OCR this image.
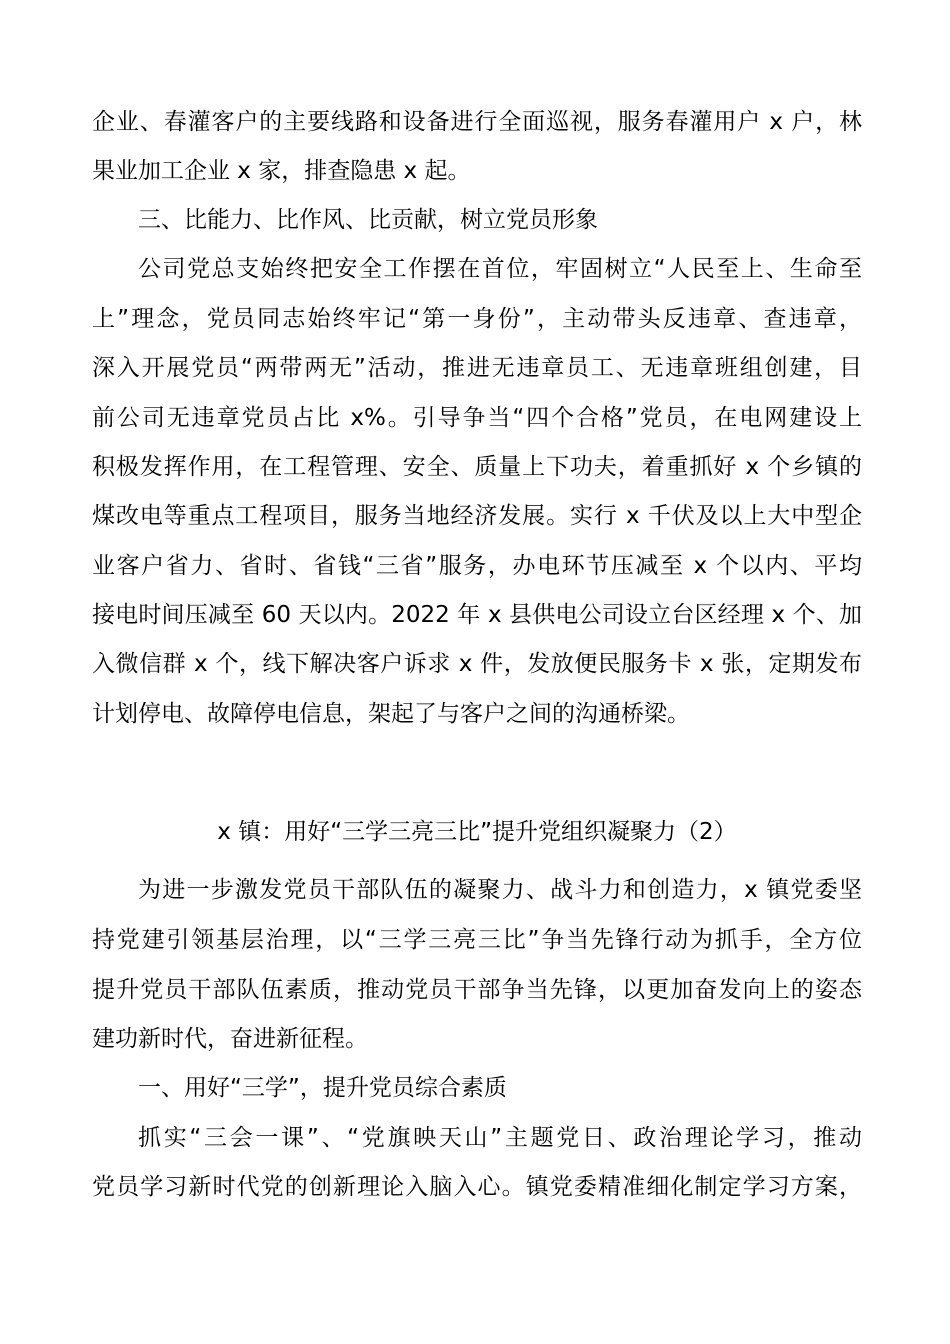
企业、春灌客户的主要线路和设备进行全面巡视，服务春灌用户 x 户，林
果业加工企业 x 家，排查隐患 x 起。
三、比能力、比作风、比贡献，树立党员形象
公司党总支始终把安全工作摆在首位，牢固树立“人民至上、生命至
上”理念，党员同志始终牢记“第一身份”，主动带头反违章、查违章，
深入开展党员“两带两无”活动，推进无违章员工、无违章班组创建，目
前公司无违章党员占比 x%。引导争当“四个合格”党员，在电网建设上
积极发挥作用，在工程管理、安全、质量上下功夫，着重抓好 x 个乡镇的
煤改电等重点工程项目，服务当地经济发展。实行 x 千伏及以上大中型企
业客户省力、省时、省钱“三省”服务，办电环节压减至 x 个以内、平均
接电时间压减至 60 天以内。2022 年 x 县供电公司设立台区经理 x 个、加
入微信群 x 个，线下解决客户诉求 x 件，发放便民服务卡 x 张，定期发布
计划停电、故障停电信息，架起了与客户之间的沟通桥梁。
x 镇：用好“三学三亮三比”提升党组织凝聚力（2）
为进一步激发党员干部队伍的凝聚力、战斗力和创造力，x 镇党委坚
持党建引领基层治理，以“三学三亮三比”争当先锋行动为抓手，全方位
提升党员干部队伍素质，推动党员干部争当先锋，以更加奋发向上的姿态
建功新时代，奋进新征程。
一、用好“三学”，提升党员综合素质
抓实“三会一课”、“党旗映天山”主题党日、政治理论学习，推动
党员学习新时代党的创新理论入脑入心。镇党委精准细化制定学习方案，
